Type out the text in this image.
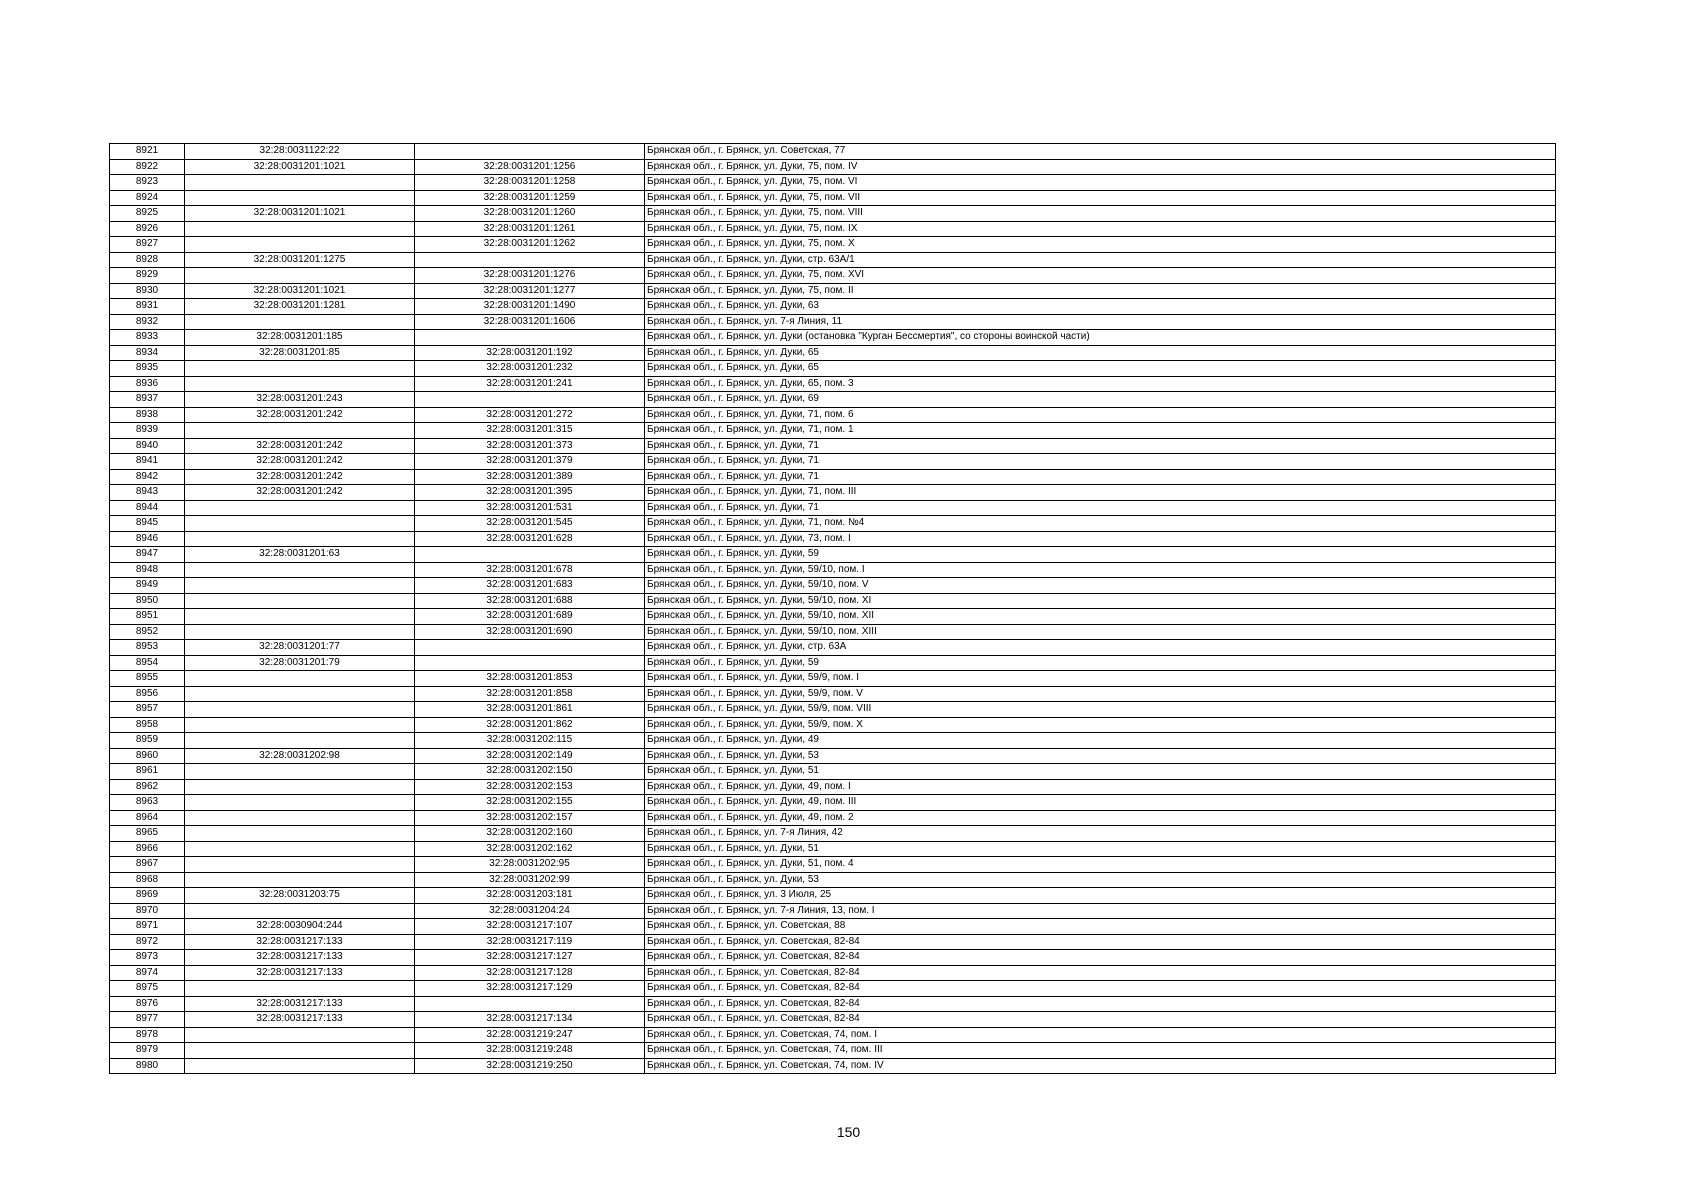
8921	32:28:0031122:22		Брянская обл., г. Брянск, ул. Советская, 77
8922	32:28:0031201:1021	32:28:0031201:1256	Брянская обл., г. Брянск, ул. Дуки, 75, пом. IV
8923		32:28:0031201:1258	Брянская обл., г. Брянск, ул. Дуки, 75, пом. VI
8924		32:28:0031201:1259	Брянская обл., г. Брянск, ул. Дуки, 75, пом. VII
8925	32:28:0031201:1021	32:28:0031201:1260	Брянская обл., г. Брянск, ул. Дуки, 75, пом. VIII
8926		32:28:0031201:1261	Брянская обл., г. Брянск, ул. Дуки, 75, пом. IX
8927		32:28:0031201:1262	Брянская обл., г. Брянск, ул. Дуки, 75, пом. X
8928	32:28:0031201:1275		Брянская обл., г. Брянск, ул. Дуки, стр. 63А/1
8929		32:28:0031201:1276	Брянская обл., г. Брянск, ул. Дуки, 75, пом. XVI
8930	32:28:0031201:1021	32:28:0031201:1277	Брянская обл., г. Брянск, ул. Дуки, 75, пом. II
8931	32:28:0031201:1281	32:28:0031201:1490	Брянская обл., г. Брянск, ул. Дуки, 63
8932		32:28:0031201:1606	Брянская обл., г. Брянск, ул. 7-я Линия, 11
8933	32:28:0031201:185		Брянская обл., г. Брянск, ул. Дуки (остановка "Курган Бессмертия", со стороны воинской части)
8934	32:28:0031201:85	32:28:0031201:192	Брянская обл., г. Брянск, ул. Дуки, 65
8935		32:28:0031201:232	Брянская обл., г. Брянск, ул. Дуки, 65
8936		32:28:0031201:241	Брянская обл., г. Брянск, ул. Дуки, 65, пом. 3
8937	32:28:0031201:243		Брянская обл., г. Брянск, ул. Дуки, 69
8938	32:28:0031201:242	32:28:0031201:272	Брянская обл., г. Брянск, ул. Дуки, 71, пом. 6
8939		32:28:0031201:315	Брянская обл., г. Брянск, ул. Дуки, 71, пом. 1
8940	32:28:0031201:242	32:28:0031201:373	Брянская обл., г. Брянск, ул. Дуки, 71
8941	32:28:0031201:242	32:28:0031201:379	Брянская обл., г. Брянск, ул. Дуки, 71
8942	32:28:0031201:242	32:28:0031201:389	Брянская обл., г. Брянск, ул. Дуки, 71
8943	32:28:0031201:242	32:28:0031201:395	Брянская обл., г. Брянск, ул. Дуки, 71, пом. III
8944		32:28:0031201:531	Брянская обл., г. Брянск, ул. Дуки, 71
8945		32:28:0031201:545	Брянская обл., г. Брянск, ул. Дуки, 71, пом. №4
8946		32:28:0031201:628	Брянская обл., г. Брянск, ул. Дуки, 73, пом. I
8947	32:28:0031201:63		Брянская обл., г. Брянск, ул. Дуки, 59
8948		32:28:0031201:678	Брянская обл., г. Брянск, ул. Дуки, 59/10, пом. I
8949		32:28:0031201:683	Брянская обл., г. Брянск, ул. Дуки, 59/10, пом. V
8950		32:28:0031201:688	Брянская обл., г. Брянск, ул. Дуки, 59/10, пом. XI
8951		32:28:0031201:689	Брянская обл., г. Брянск, ул. Дуки, 59/10, пом. XII
8952		32:28:0031201:690	Брянская обл., г. Брянск, ул. Дуки, 59/10, пом. XIII
8953	32:28:0031201:77		Брянская обл., г. Брянск, ул. Дуки, стр. 63А
8954	32:28:0031201:79		Брянская обл., г. Брянск, ул. Дуки, 59
8955		32:28:0031201:853	Брянская обл., г. Брянск, ул. Дуки, 59/9, пом. I
8956		32:28:0031201:858	Брянская обл., г. Брянск, ул. Дуки, 59/9, пом. V
8957		32:28:0031201:861	Брянская обл., г. Брянск, ул. Дуки, 59/9, пом. VIII
8958		32:28:0031201:862	Брянская обл., г. Брянск, ул. Дуки, 59/9, пом. X
8959		32:28:0031202:115	Брянская обл., г. Брянск, ул. Дуки, 49
8960	32:28:0031202:98	32:28:0031202:149	Брянская обл., г. Брянск, ул. Дуки, 53
8961		32:28:0031202:150	Брянская обл., г. Брянск, ул. Дуки, 51
8962		32:28:0031202:153	Брянская обл., г. Брянск, ул. Дуки, 49, пом. I
8963		32:28:0031202:155	Брянская обл., г. Брянск, ул. Дуки, 49, пом. III
8964		32:28:0031202:157	Брянская обл., г. Брянск, ул. Дуки, 49, пом. 2
8965		32:28:0031202:160	Брянская обл., г. Брянск, ул. 7-я Линия, 42
8966		32:28:0031202:162	Брянская обл., г. Брянск, ул. Дуки, 51
8967		32:28:0031202:95	Брянская обл., г. Брянск, ул. Дуки, 51, пом. 4
8968		32:28:0031202:99	Брянская обл., г. Брянск, ул. Дуки, 53
8969	32:28:0031203:75	32:28:0031203:181	Брянская обл., г. Брянск, ул. 3 Июля, 25
8970		32:28:0031204:24	Брянская обл., г. Брянск, ул. 7-я Линия, 13, пом. I
8971	32:28:0030904:244	32:28:0031217:107	Брянская обл., г. Брянск, ул. Советская, 88
8972	32:28:0031217:133	32:28:0031217:119	Брянская обл., г. Брянск, ул. Советская, 82-84
8973	32:28:0031217:133	32:28:0031217:127	Брянская обл., г. Брянск, ул. Советская, 82-84
8974	32:28:0031217:133	32:28:0031217:128	Брянская обл., г. Брянск, ул. Советская, 82-84
8975		32:28:0031217:129	Брянская обл., г. Брянск, ул. Советская, 82-84
8976	32:28:0031217:133		Брянская обл., г. Брянск, ул. Советская, 82-84
8977	32:28:0031217:133	32:28:0031217:134	Брянская обл., г. Брянск, ул. Советская, 82-84
8978		32:28:0031219:247	Брянская обл., г. Брянск, ул. Советская, 74, пом. I
8979		32:28:0031219:248	Брянская обл., г. Брянск, ул. Советская, 74, пом. III
8980		32:28:0031219:250	Брянская обл., г. Брянск, ул. Советская, 74, пом. IV
150
